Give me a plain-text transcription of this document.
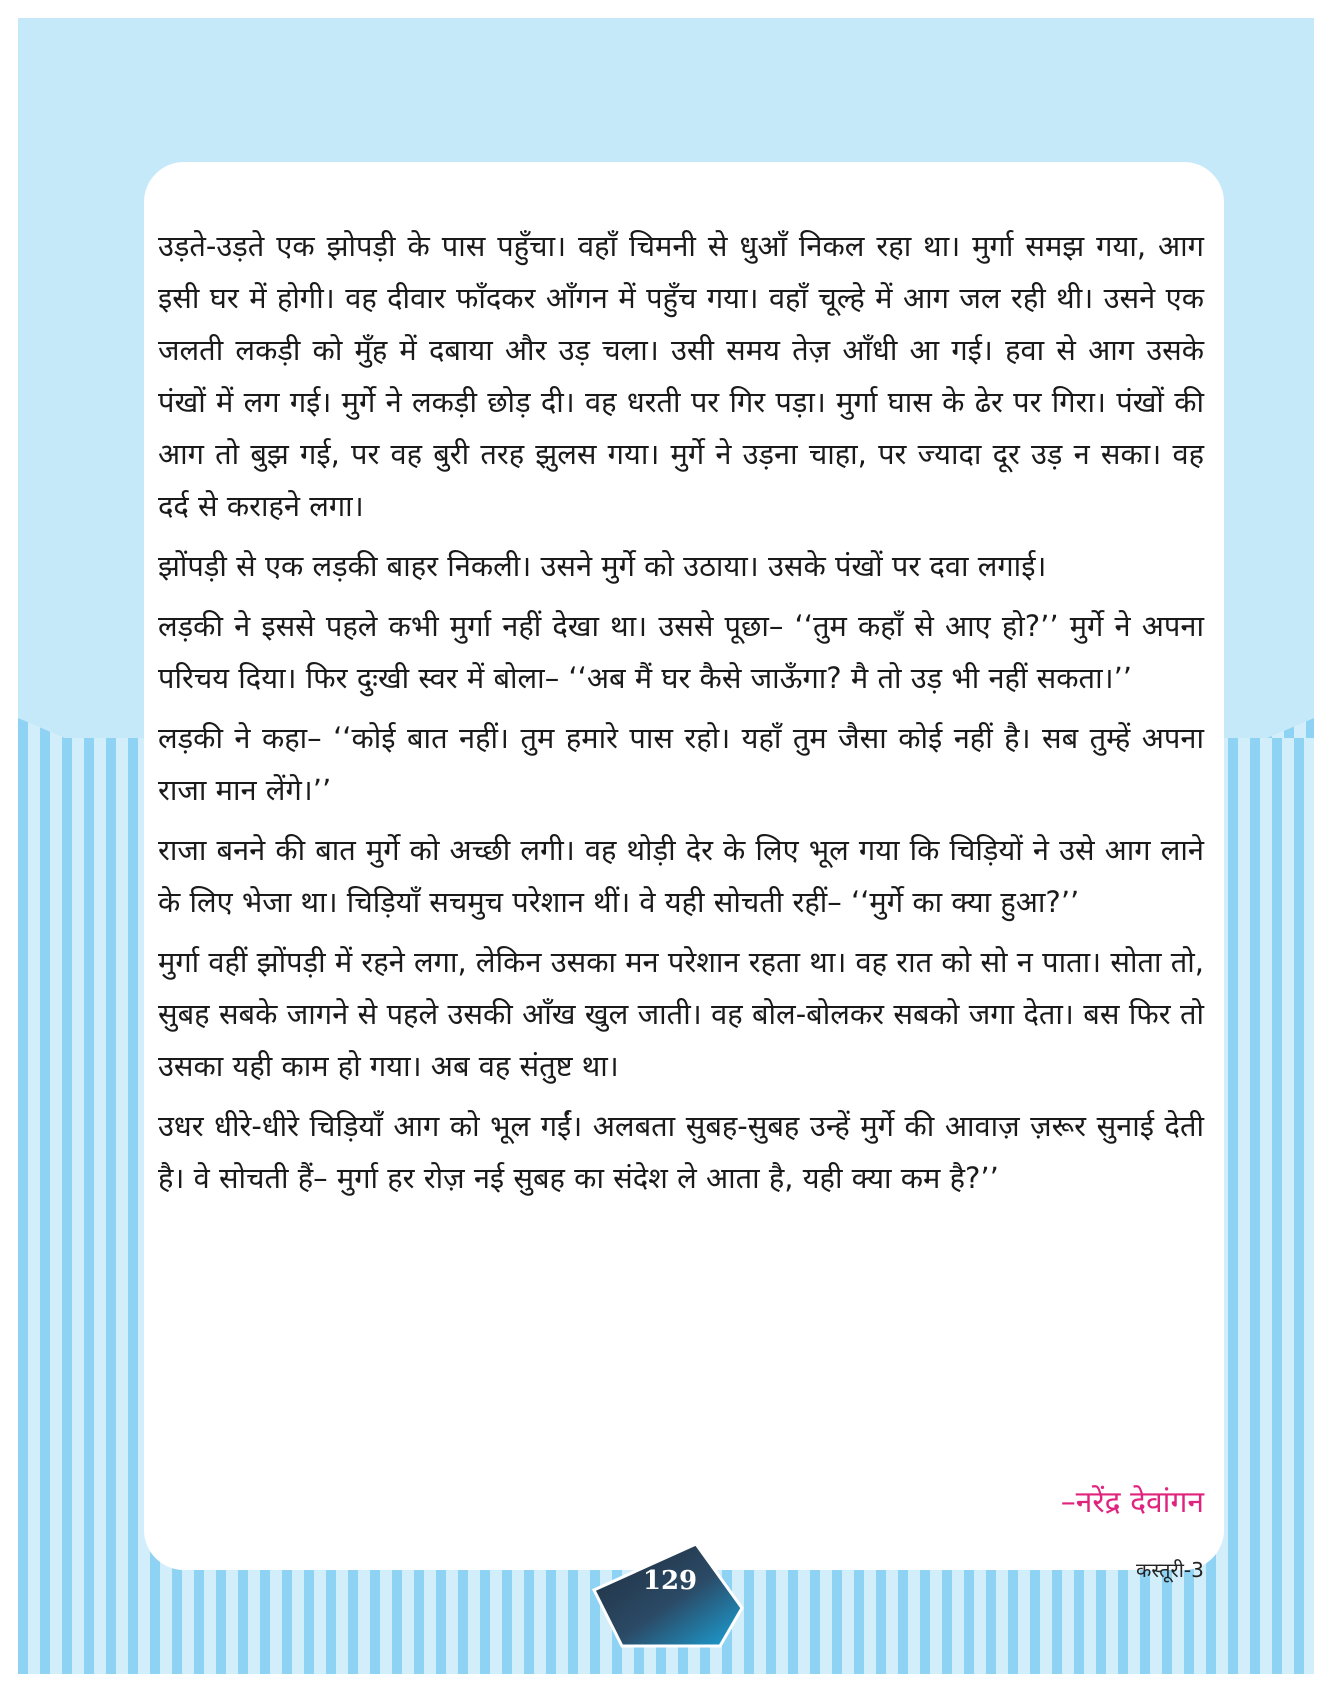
उड़ते-उड़ते एक झोपड़ी के पास पहुँचा। वहाँ चिमनी से धुआँ निकल रहा था। मुर्गा समझ गया, आग इसी घर में होगी। वह दीवार फाँदकर आँगन में पहुँच गया। वहाँ चूल्हे में आग जल रही थी। उसने एक जलती लकड़ी को मुँह में दबाया और उड़ चला। उसी समय तेज़ आँधी आ गई। हवा से आग उसके पंखों में लग गई। मुर्गे ने लकड़ी छोड़ दी। वह धरती पर गिर पड़ा। मुर्गा घास के ढेर पर गिरा। पंखों की आग तो बुझ गई, पर वह बुरी तरह झुलस गया। मुर्गे ने उड़ना चाहा, पर ज्यादा दूर उड़ न सका। वह दर्द से कराहने लगा।

झोंपड़ी से एक लड़की बाहर निकली। उसने मुर्गे को उठाया। उसके पंखों पर दवा लगाई।

लड़की ने इससे पहले कभी मुर्गा नहीं देखा था। उससे पूछा– ‘‘तुम कहाँ से आए हो?’’ मुर्गे ने अपना परिचय दिया। फिर दुःखी स्वर में बोला– ‘‘अब मैं घर कैसे जाऊँगा? मै तो उड़ भी नहीं सकता।’’

लड़की ने कहा– ‘‘कोई बात नहीं। तुम हमारे पास रहो। यहाँ तुम जैसा कोई नहीं है। सब तुम्हें अपना राजा मान लेंगे।’’

राजा बनने की बात मुर्गे को अच्छी लगी। वह थोड़ी देर के लिए भूल गया कि चिड़ियों ने उसे आग लाने के लिए भेजा था। चिड़ियाँ सचमुच परेशान थीं। वे यही सोचती रहीं– ‘‘मुर्गे का क्या हुआ?’’

मुर्गा वहीं झोंपड़ी में रहने लगा, लेकिन उसका मन परेशान रहता था। वह रात को सो न पाता। सोता तो, सुबह सबके जागने से पहले उसकी आँख खुल जाती। वह बोल-बोलकर सबको जगा देता। बस फिर तो उसका यही काम हो गया। अब वह संतुष्ट था।

उधर धीरे-धीरे चिड़ियाँ आग को भूल गईं। अलबता सुबह-सुबह उन्हें मुर्गे की आवाज़ ज़रूर सुनाई देती है। वे सोचती हैं– मुर्गा हर रोज़ नई सुबह का संदेश ले आता है, यही क्या कम है?’’

–नरेंद्र देवांगन
कस्तूरी-3
129
